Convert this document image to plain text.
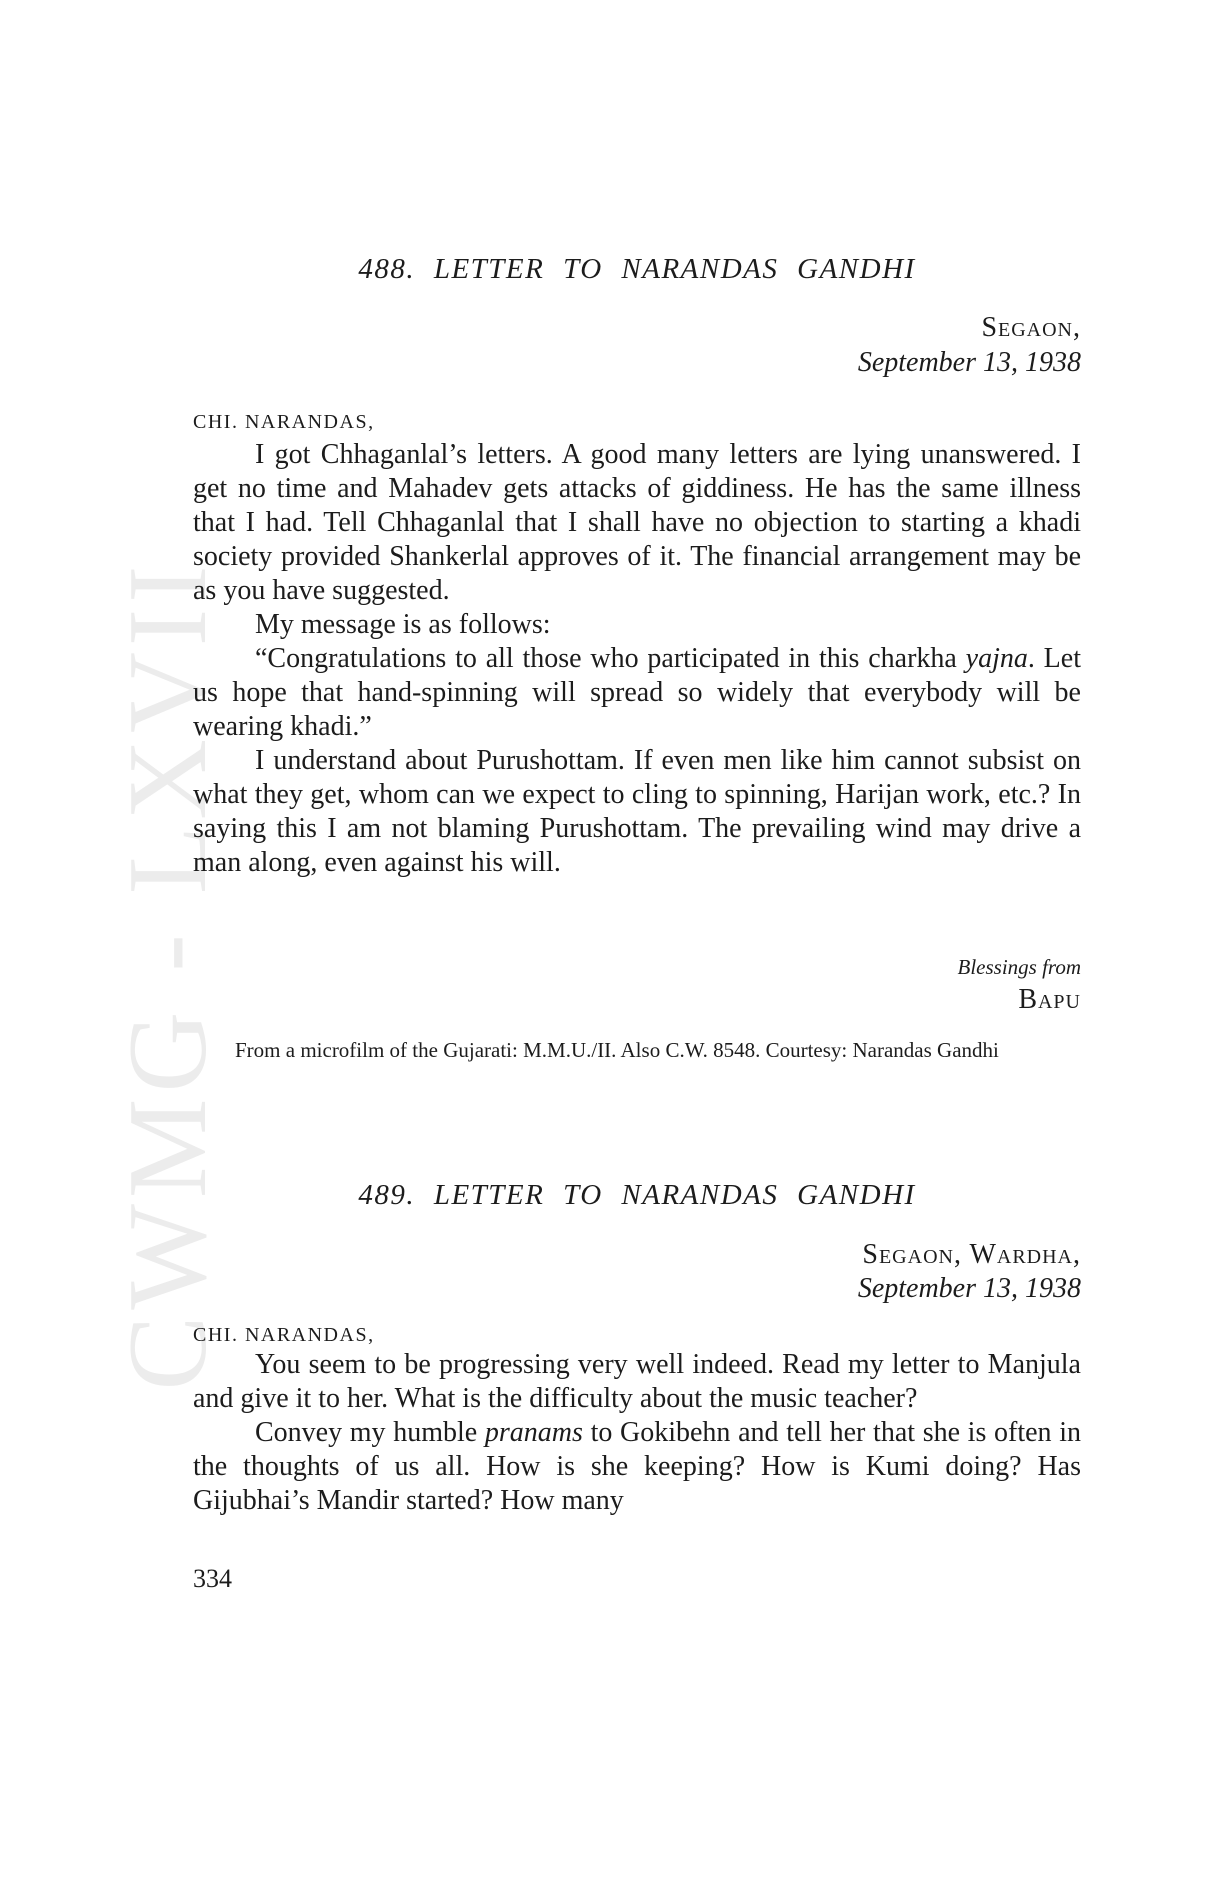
CWMG - LXVII
488. LETTER TO NARANDAS GANDHI
Segaon,
September 13, 1938
CHI. NARANDAS,

I got Chhaganlal’s letters. A good many letters are lying unanswered. I get no time and Mahadev gets attacks of giddiness. He has the same illness that I had. Tell Chhaganlal that I shall have no objection to starting a khadi society provided Shankerlal approves of it. The financial arrangement may be as you have suggested.

My message is as follows:

“Congratulations to all those who participated in this charkha yajna. Let us hope that hand-spinning will spread so widely that everybody will be wearing khadi.”

I understand about Purushottam. If even men like him cannot subsist on what they get, whom can we expect to cling to spinning, Harijan work, etc.? In saying this I am not blaming Purushottam. The prevailing wind may drive a man along, even against his will.

Blessings from
Bapu

From a microfilm of the Gujarati: M.M.U./II. Also C.W. 8548. Courtesy: Narandas Gandhi

489. LETTER TO NARANDAS GANDHI
Segaon, Wardha,
September 13, 1938
CHI. NARANDAS,

You seem to be progressing very well indeed. Read my letter to Manjula and give it to her. What is the difficulty about the music teacher?

Convey my humble pranams to Gokibehn and tell her that she is often in the thoughts of us all. How is she keeping? How is Kumi doing? Has Gijubhai’s Mandir started? How many

334
